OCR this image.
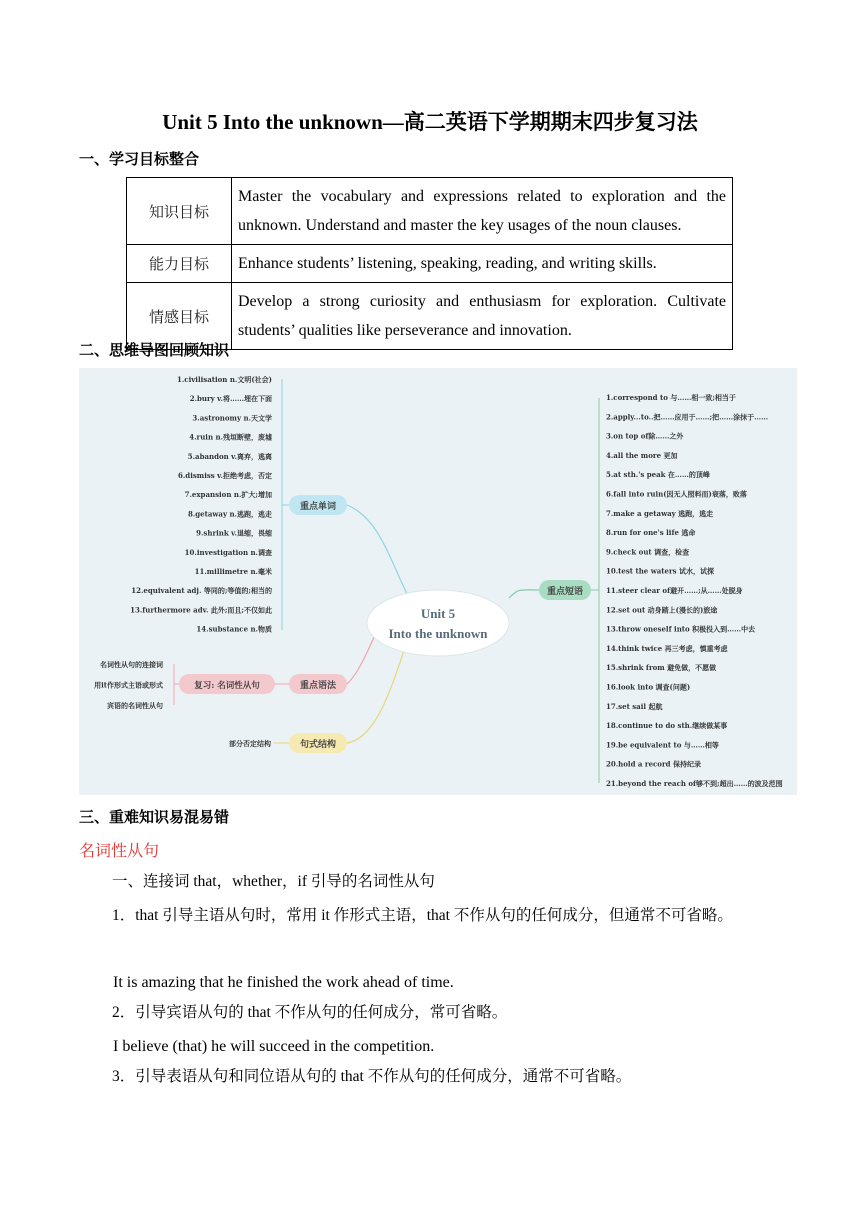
Unit 5 Into the unknown—高二英语下学期期末四步复习法
一、学习目标整合
知识目标	Master the vocabulary and expressions related to exploration and the unknown. Understand and master the key usages of the noun clauses.
能力目标	Enhance students’ listening, speaking, reading, and writing skills.
情感目标	Develop a strong curiosity and enthusiasm for exploration. Cultivate students’ qualities like perseverance and innovation.
二、思维导图回顾知识
Unit 5
Into the unknown
重点单词
重点短语
重点语法
复习: 名词性从句
句式结构
1.civilisation n.文明(社会)
2.bury v.将……埋在下面
3.astronomy n.天文学
4.ruin n.残垣断壁，废墟
5.abandon v.离弃，逃离
6.dismiss v.拒绝考虑，否定
7.expansion n.扩大;增加
8.getaway n.逃跑，逃走
9.shrink v.退缩，畏缩
10.investigation n.调查
11.millimetre n.毫米
12.equivalent adj. 等同的;等值的;相当的
13.furthermore adv. 此外;而且;不仅如此
14.substance n.物质
1.correspond to 与……相一致;相当于
2.apply...to..把……应用于……;把……涂抹于……
3.on top of除……之外
4.all the more 更加
5.at sth.'s peak 在……的顶峰
6.fall into ruin(因无人照料而)衰落，败落
7.make a getaway 逃跑，逃走
8.run for one's life 逃命
9.check out 调查，检查
10.test the waters 试水，试探
11.steer clear of避开……;从……处脱身
12.set out 动身踏上(漫长的)旅途
13.throw oneself into 积极投入到……中去
14.think twice 再三考虑，慎重考虑
15.shrink from 避免做，不愿做
16.look into 调查(问题)
17.set sail 起航
18.continue to do sth.继续做某事
19.be equivalent to 与……相等
20.hold a record 保持纪录
21.beyond the reach of够不到;超出……的波及范围
名词性从句的连接词
用it作形式主语或形式
宾语的名词性从句
部分否定结构
三、重难知识易混易错
名词性从句
一、连接词 that，whether，if 引导的名词性从句
1．that 引导主语从句时，常用 it 作形式主语，that 不作从句的任何成分，但通常不可省略。
It is amazing that he finished the work ahead of time.
2．引导宾语从句的 that 不作从句的任何成分，常可省略。
I believe (that) he will succeed in the competition.
3．引导表语从句和同位语从句的 that 不作从句的任何成分，通常不可省略。
